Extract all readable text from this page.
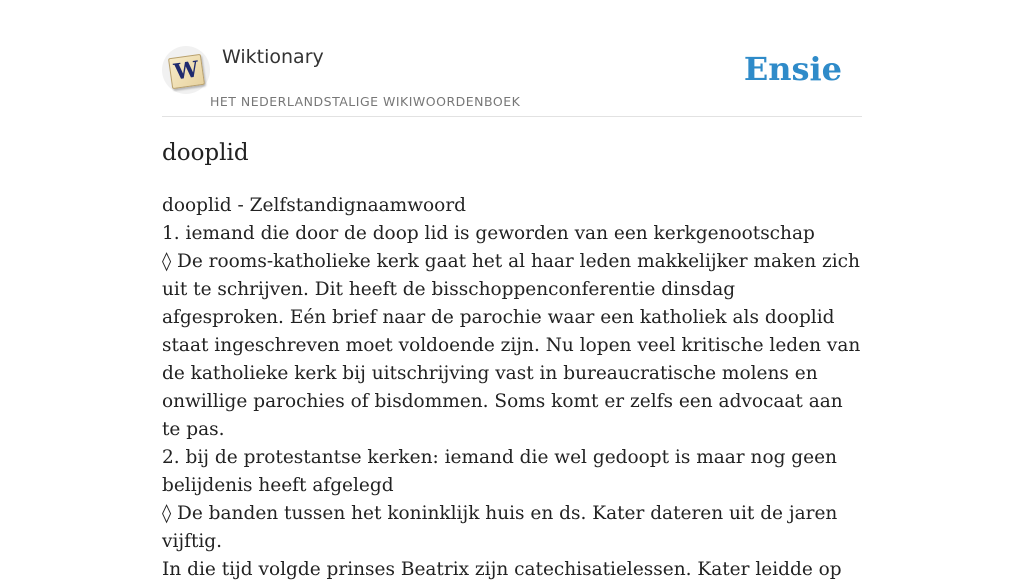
W Wiktionary
HET NEDERLANDSTALIGE WIKIWOORDENBOEK
Ensie
dooplid

dooplid - Zelfstandignaamwoord

1. iemand die door de doop lid is geworden van een kerkgenootschap

◊ De rooms-katholieke kerk gaat het al haar leden makkelijker maken zich uit te schrijven. Dit heeft de bisschoppenconferentie dinsdag afgesproken. Eén brief naar de parochie waar een katholiek als dooplid staat ingeschreven moet voldoende zijn. Nu lopen veel kritische leden van de katholieke kerk bij uitschrijving vast in bureaucratische molens en onwillige parochies of bisdommen. Soms komt er zelfs een advocaat aan te pas.

2. bij de protestantse kerken: iemand die wel gedoopt is maar nog geen belijdenis heeft afgelegd

◊ De banden tussen het koninklijk huis en ds. Kater dateren uit de jaren vijftig.

In die tijd volgde prinses Beatrix zijn catechisatielessen. Kater leidde op
